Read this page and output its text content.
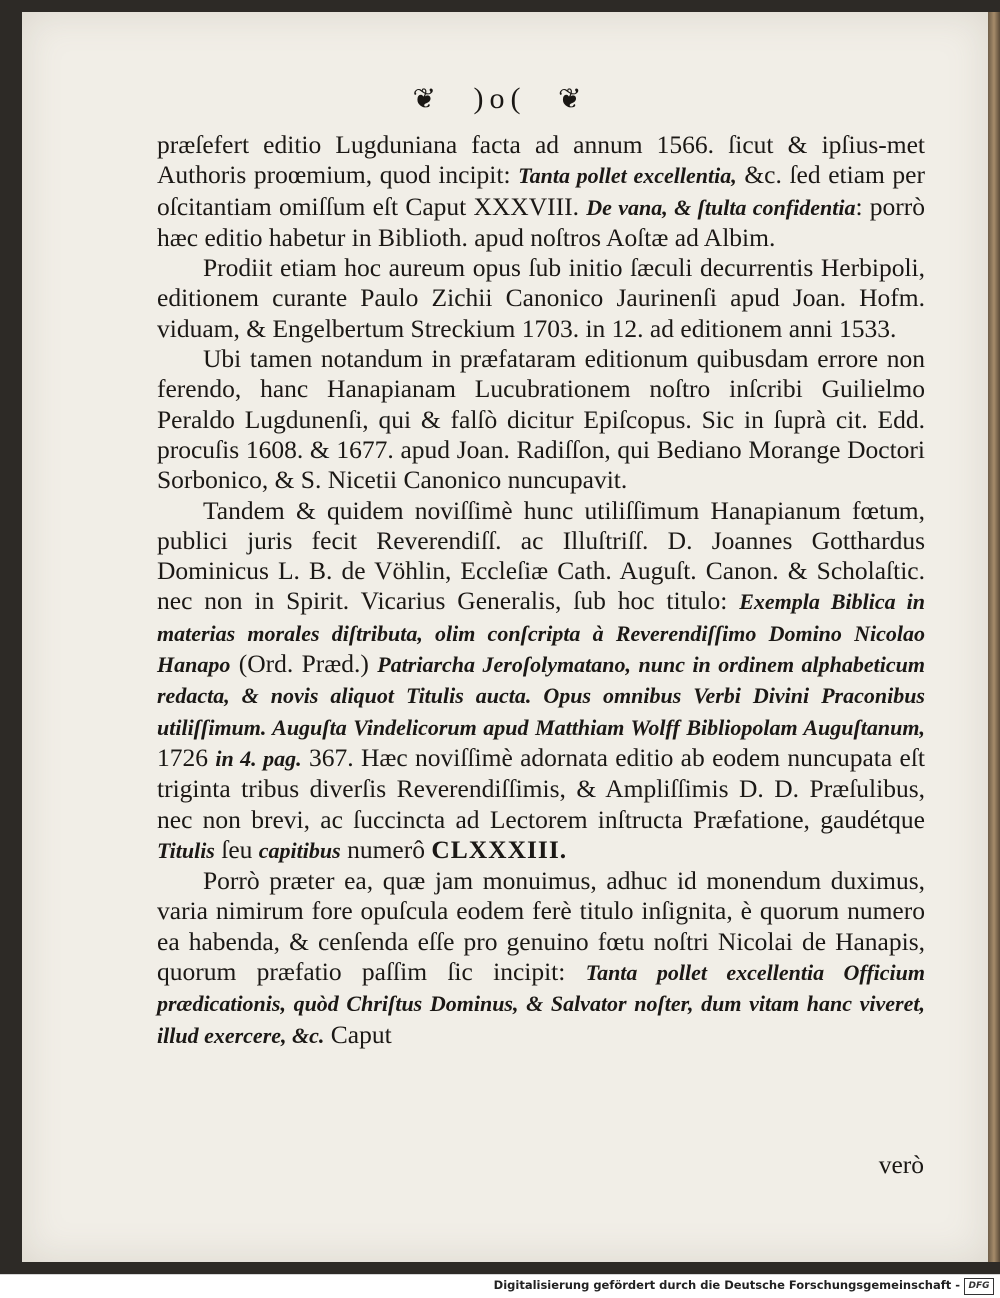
❦ )o( ❦

præſefert editio Lugduniana facta ad annum 1566. ſicut & ipſius-met Authoris proœmium, quod incipit: Tanta pollet excellentia, &c. ſed etiam per oſcitantiam omiſſum eſt Caput XXXVIII. De vana, & ſtulta confidentia: porrò hæc editio habetur in Biblioth. apud noſtros Aoſtæ ad Albim.

Prodiit etiam hoc aureum opus ſub initio ſæculi decurrentis Herbipoli, editionem curante Paulo Zichii Canonico Jaurinenſi apud Joan. Hofm. viduam, & Engelbertum Streckium 1703. in 12. ad editionem anni 1533.

Ubi tamen notandum in præfataram editionum quibusdam errore non ferendo, hanc Hanapianam Lucubrationem noſtro inſcribi Guilielmo Peraldo Lugdunenſi, qui & falſò dicitur Epiſcopus. Sic in ſuprà cit. Edd. procuſis 1608. & 1677. apud Joan. Radiſſon, qui Bediano Morange Doctori Sorbonico, & S. Nicetii Canonico nuncupavit.

Tandem & quidem noviſſimè hunc utiliſſimum Hanapianum fœtum, publici juris fecit Reverendiſſ. ac Illuſtriſſ. D. Joannes Gotthardus Dominicus L. B. de Vöhlin, Eccleſiæ Cath. Auguſt. Canon. & Scholaſtic. nec non in Spirit. Vicarius Generalis, ſub hoc titulo: Exempla Biblica in materias morales diſtributa, olim conſcripta à Reverendiſſimo Domino Nicolao Hanapo (Ord. Præd.) Patriarcha Jeroſolymatano, nunc in ordinem alphabeticum redacta, & novis aliquot Titulis aucta. Opus omnibus Verbi Divini Praconibus utiliſſimum. Auguſta Vindelicorum apud Matthiam Wolff Bibliopolam Auguſtanum, 1726 in 4. pag. 367. Hæc noviſſimè adornata editio ab eodem nuncupata eſt triginta tribus diverſis Reverendiſſimis, & Ampliſſimis D. D. Præſulibus, nec non brevi, ac ſuccincta ad Lectorem inſtructa Præfatione, gaudétque Titulis ſeu capitibus numerô CLXXXIII.

Porrò præter ea, quæ jam monuimus, adhuc id monendum duximus, varia nimirum fore opuſcula eodem ferè titulo inſignita, è quorum numero ea habenda, & cenſenda eſſe pro genuino fœtu noſtri Nicolai de Hanapis, quorum præfatio paſſim ſic incipit: Tanta pollet excellentia Officium prædicationis, quòd Chriſtus Dominus, & Salvator noſter, dum vitam hanc viveret, illud exercere, &c. Caput

verò
Digitalisierung gefördert durch die Deutsche Forschungsgemeinschaft - DFG
